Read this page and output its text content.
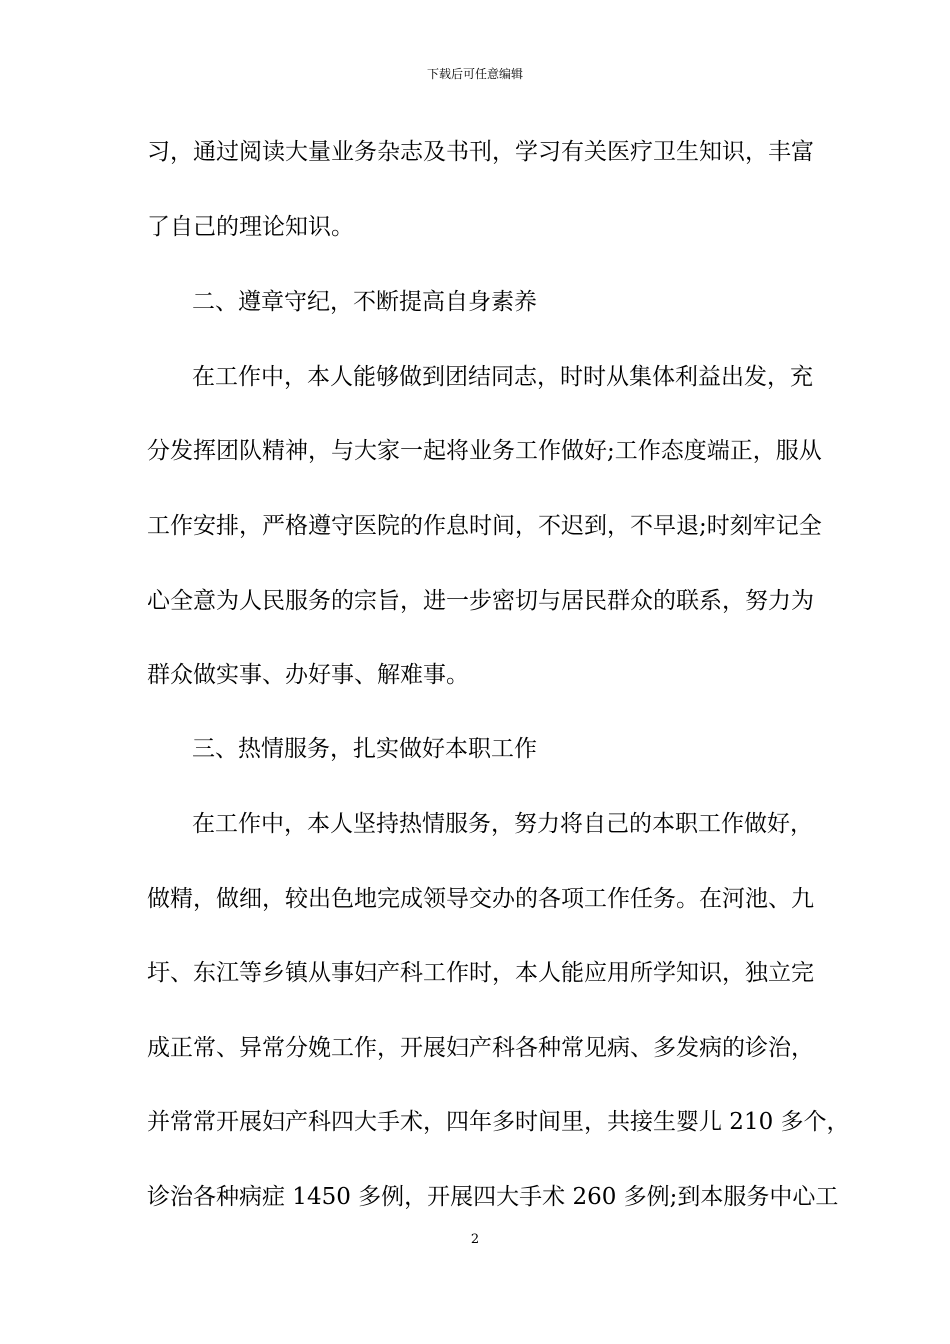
下载后可任意编辑
习，通过阅读大量业务杂志及书刊，学习有关医疗卫生知识，丰富
了自己的理论知识。
二、遵章守纪，不断提高自身素养
在工作中，本人能够做到团结同志，时时从集体利益出发，充
分发挥团队精神，与大家一起将业务工作做好;工作态度端正，服从
工作安排，严格遵守医院的作息时间，不迟到，不早退;时刻牢记全
心全意为人民服务的宗旨，进一步密切与居民群众的联系，努力为
群众做实事、办好事、解难事。
三、热情服务，扎实做好本职工作
在工作中，本人坚持热情服务，努力将自己的本职工作做好，
做精，做细，较出色地完成领导交办的各项工作任务。在河池、九
圩、东江等乡镇从事妇产科工作时，本人能应用所学知识，独立完
成正常、异常分娩工作，开展妇产科各种常见病、多发病的诊治，
并常常开展妇产科四大手术，四年多时间里，共接生婴儿 210 多个，
诊治各种病症 1450 多例，开展四大手术 260 多例;到本服务中心工
2
